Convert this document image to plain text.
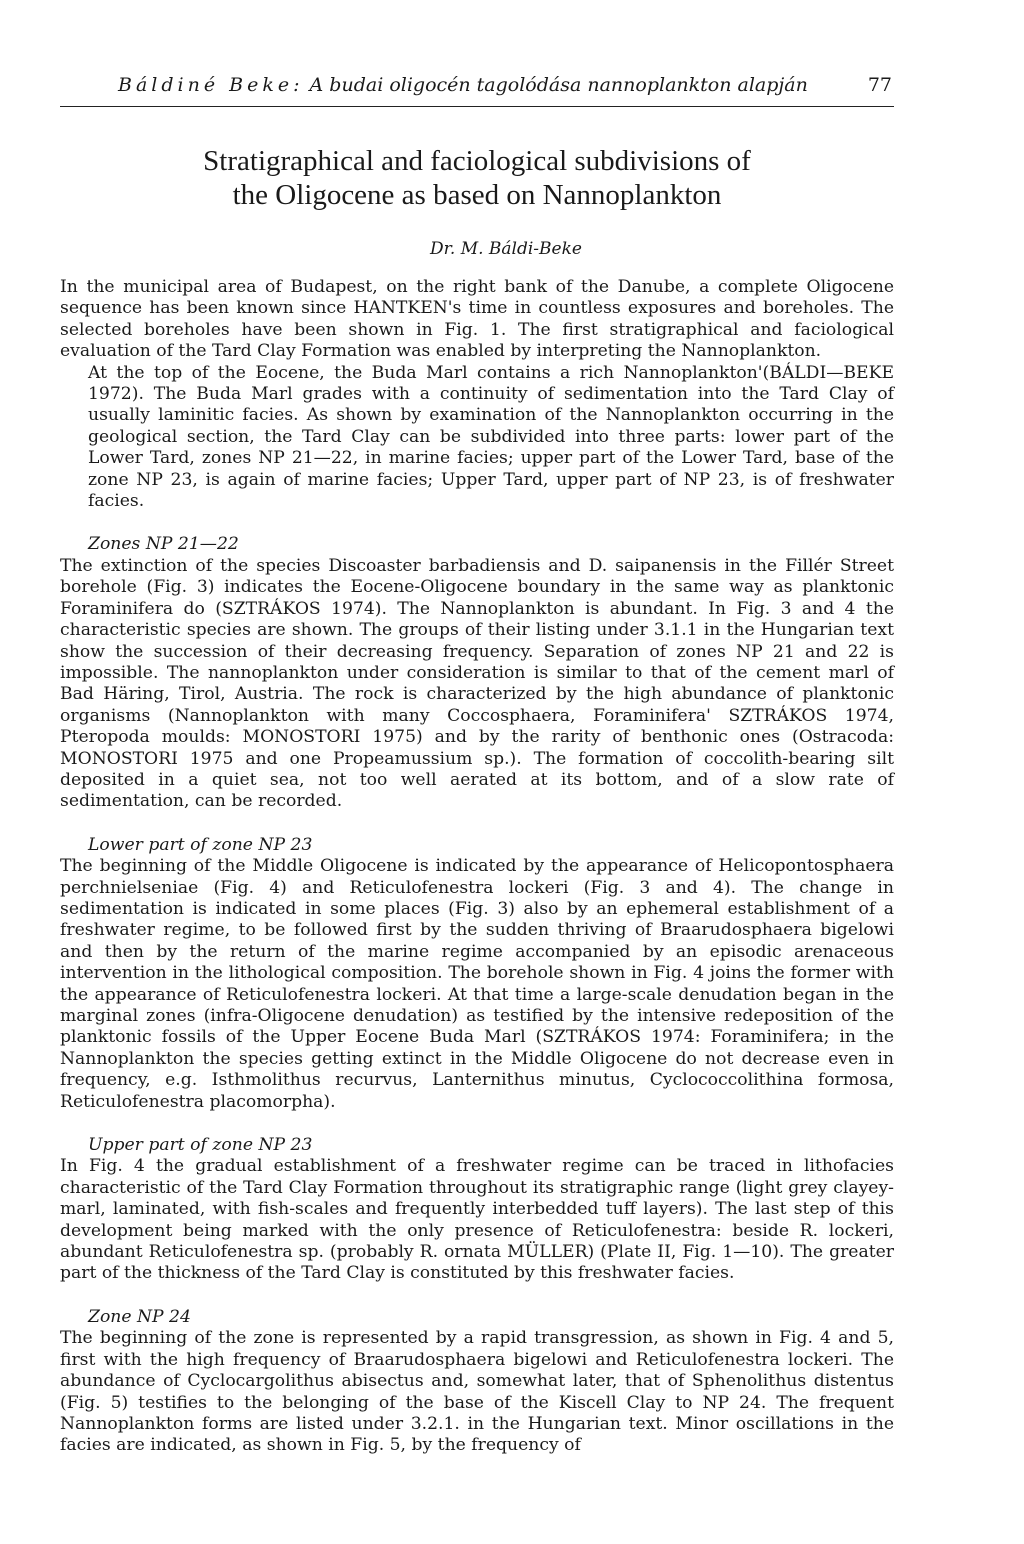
Báldiné Beke: A budai oligocén tagolódása nannoplankton alapján	77
Stratigraphical and faciological subdivisions of
the Oligocene as based on Nannoplankton
Dr. M. Báldi-Beke

In the municipal area of Budapest, on the right bank of the Danube, a complete Oligocene sequence has been known since HANTKEN's time in countless exposures and boreholes. The selected boreholes have been shown in Fig. 1. The first stratigraphical and faciological evaluation of the Tard Clay Formation was enabled by interpreting the Nannoplankton.

At the top of the Eocene, the Buda Marl contains a rich Nannoplankton'(BÁLDI—BEKE 1972). The Buda Marl grades with a continuity of sedimentation into the Tard Clay of usually laminitic facies. As shown by examination of the Nannoplankton occurring in the geological section, the Tard Clay can be subdivided into three parts: lower part of the Lower Tard, zones NP 21—22, in marine facies; upper part of the Lower Tard, base of the zone NP 23, is again of marine facies; Upper Tard, upper part of NP 23, is of freshwater facies.

Zones NP 21—22

The extinction of the species Discoaster barbadiensis and D. saipanensis in the Fillér Street borehole (Fig. 3) indicates the Eocene-Oligocene boundary in the same way as planktonic Foraminifera do (SZTRÁKOS 1974). The Nannoplankton is abundant. In Fig. 3 and 4 the characteristic species are shown. The groups of their listing under 3.1.1 in the Hungarian text show the succession of their decreasing frequency. Separation of zones NP 21 and 22 is impossible. The nannoplankton under consideration is similar to that of the cement marl of Bad Häring, Tirol, Austria. The rock is characterized by the high abundance of planktonic organisms (Nannoplankton with many Coccosphaera, Foraminifera' SZTRÁKOS 1974, Pteropoda moulds: MONOSTORI 1975) and by the rarity of benthonic ones (Ostracoda: MONOSTORI 1975 and one Propeamussium sp.). The formation of coccolith-bearing silt deposited in a quiet sea, not too well aerated at its bottom, and of a slow rate of sedimentation, can be recorded.

Lower part of zone NP 23

The beginning of the Middle Oligocene is indicated by the appearance of Helicopontosphaera perchnielseniae (Fig. 4) and Reticulofenestra lockeri (Fig. 3 and 4). The change in sedimentation is indicated in some places (Fig. 3) also by an ephemeral establishment of a freshwater regime, to be followed first by the sudden thriving of Braarudosphaera bigelowi and then by the return of the marine regime accompanied by an episodic arenaceous intervention in the lithological composition. The borehole shown in Fig. 4 joins the former with the appearance of Reticulofenestra lockeri. At that time a large-scale denudation began in the marginal zones (infra-Oligocene denudation) as testified by the intensive redeposition of the planktonic fossils of the Upper Eocene Buda Marl (SZTRÁKOS 1974: Foraminifera; in the Nannoplankton the species getting extinct in the Middle Oligocene do not decrease even in frequency, e.g. Isthmolithus recurvus, Lanternithus minutus, Cyclococcolithina formosa, Reticulofenestra placomorpha).

Upper part of zone NP 23

In Fig. 4 the gradual establishment of a freshwater regime can be traced in lithofacies characteristic of the Tard Clay Formation throughout its stratigraphic range (light grey clayey-marl, laminated, with fish-scales and frequently interbedded tuff layers). The last step of this development being marked with the only presence of Reticulofenestra: beside R. lockeri, abundant Reticulofenestra sp. (probably R. ornata MÜLLER) (Plate II, Fig. 1—10). The greater part of the thickness of the Tard Clay is constituted by this freshwater facies.

Zone NP 24

The beginning of the zone is represented by a rapid transgression, as shown in Fig. 4 and 5, first with the high frequency of Braarudosphaera bigelowi and Reticulofenestra lockeri. The abundance of Cyclocargolithus abisectus and, somewhat later, that of Sphenolithus distentus (Fig. 5) testifies to the belonging of the base of the Kiscell Clay to NP 24. The frequent Nannoplankton forms are listed under 3.2.1. in the Hungarian text. Minor oscillations in the facies are indicated, as shown in Fig. 5, by the frequency of
